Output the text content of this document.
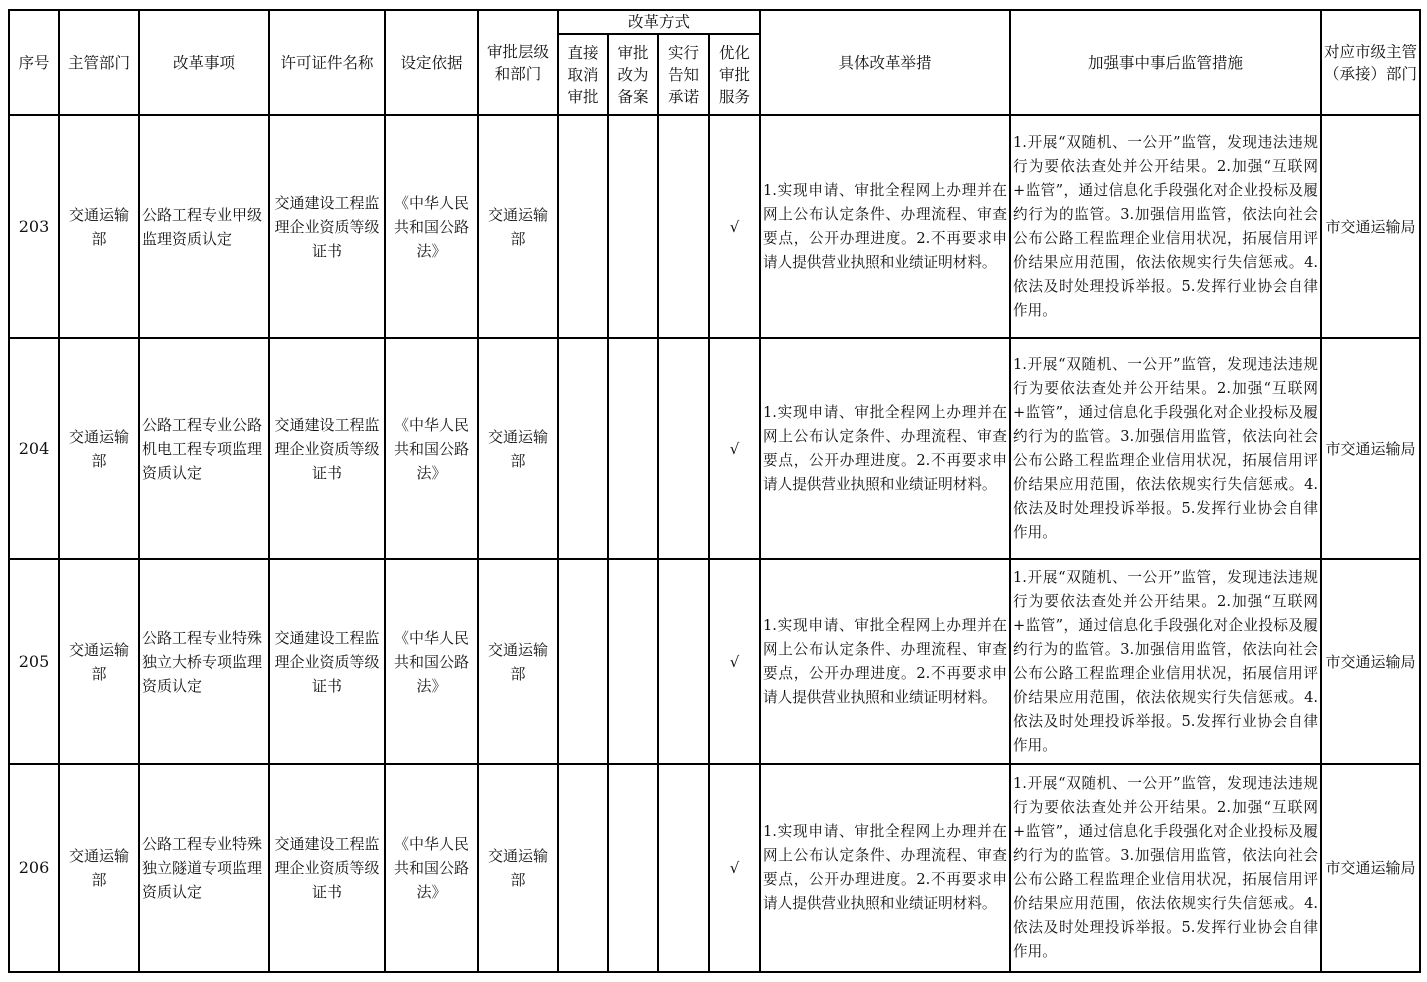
序号	主管部门	改革事项	许可证件名称	设定依据	审批层级和部门	改革方式				具体改革举措	加强事中事后监管措施	对应市级主管（承接）部门
						直接取消审批	审批改为备案	实行告知承诺	优化审批服务			
203	交通运输部	公路工程专业甲级监理资质认定	交通建设工程监理企业资质等级证书	《中华人民共和国公路法》	交通运输部				√	1.实现申请、审批全程网上办理并在网上公布认定条件、办理流程、审查要点，公开办理进度。2.不再要求申请人提供营业执照和业绩证明材料。	1.开展“双随机、一公开”监管，发现违法违规行为要依法查处并公开结果。2.加强“互联网+监管”，通过信息化手段强化对企业投标及履约行为的监管。3.加强信用监管，依法向社会公布公路工程监理企业信用状况，拓展信用评价结果应用范围，依法依规实行失信惩戒。4.依法及时处理投诉举报。5.发挥行业协会自律作用。	市交通运输局
204	交通运输部	公路工程专业公路机电工程专项监理资质认定	交通建设工程监理企业资质等级证书	《中华人民共和国公路法》	交通运输部				√	1.实现申请、审批全程网上办理并在网上公布认定条件、办理流程、审查要点，公开办理进度。2.不再要求申请人提供营业执照和业绩证明材料。	1.开展“双随机、一公开”监管，发现违法违规行为要依法查处并公开结果。2.加强“互联网+监管”，通过信息化手段强化对企业投标及履约行为的监管。3.加强信用监管，依法向社会公布公路工程监理企业信用状况，拓展信用评价结果应用范围，依法依规实行失信惩戒。4.依法及时处理投诉举报。5.发挥行业协会自律作用。	市交通运输局
205	交通运输部	公路工程专业特殊独立大桥专项监理资质认定	交通建设工程监理企业资质等级证书	《中华人民共和国公路法》	交通运输部				√	1.实现申请、审批全程网上办理并在网上公布认定条件、办理流程、审查要点，公开办理进度。2.不再要求申请人提供营业执照和业绩证明材料。	1.开展“双随机、一公开”监管，发现违法违规行为要依法查处并公开结果。2.加强“互联网+监管”，通过信息化手段强化对企业投标及履约行为的监管。3.加强信用监管，依法向社会公布公路工程监理企业信用状况，拓展信用评价结果应用范围，依法依规实行失信惩戒。4.依法及时处理投诉举报。5.发挥行业协会自律作用。	市交通运输局
206	交通运输部	公路工程专业特殊独立隧道专项监理资质认定	交通建设工程监理企业资质等级证书	《中华人民共和国公路法》	交通运输部				√	1.实现申请、审批全程网上办理并在网上公布认定条件、办理流程、审查要点，公开办理进度。2.不再要求申请人提供营业执照和业绩证明材料。	1.开展“双随机、一公开”监管，发现违法违规行为要依法查处并公开结果。2.加强“互联网+监管”，通过信息化手段强化对企业投标及履约行为的监管。3.加强信用监管，依法向社会公布公路工程监理企业信用状况，拓展信用评价结果应用范围，依法依规实行失信惩戒。4.依法及时处理投诉举报。5.发挥行业协会自律作用。	市交通运输局
